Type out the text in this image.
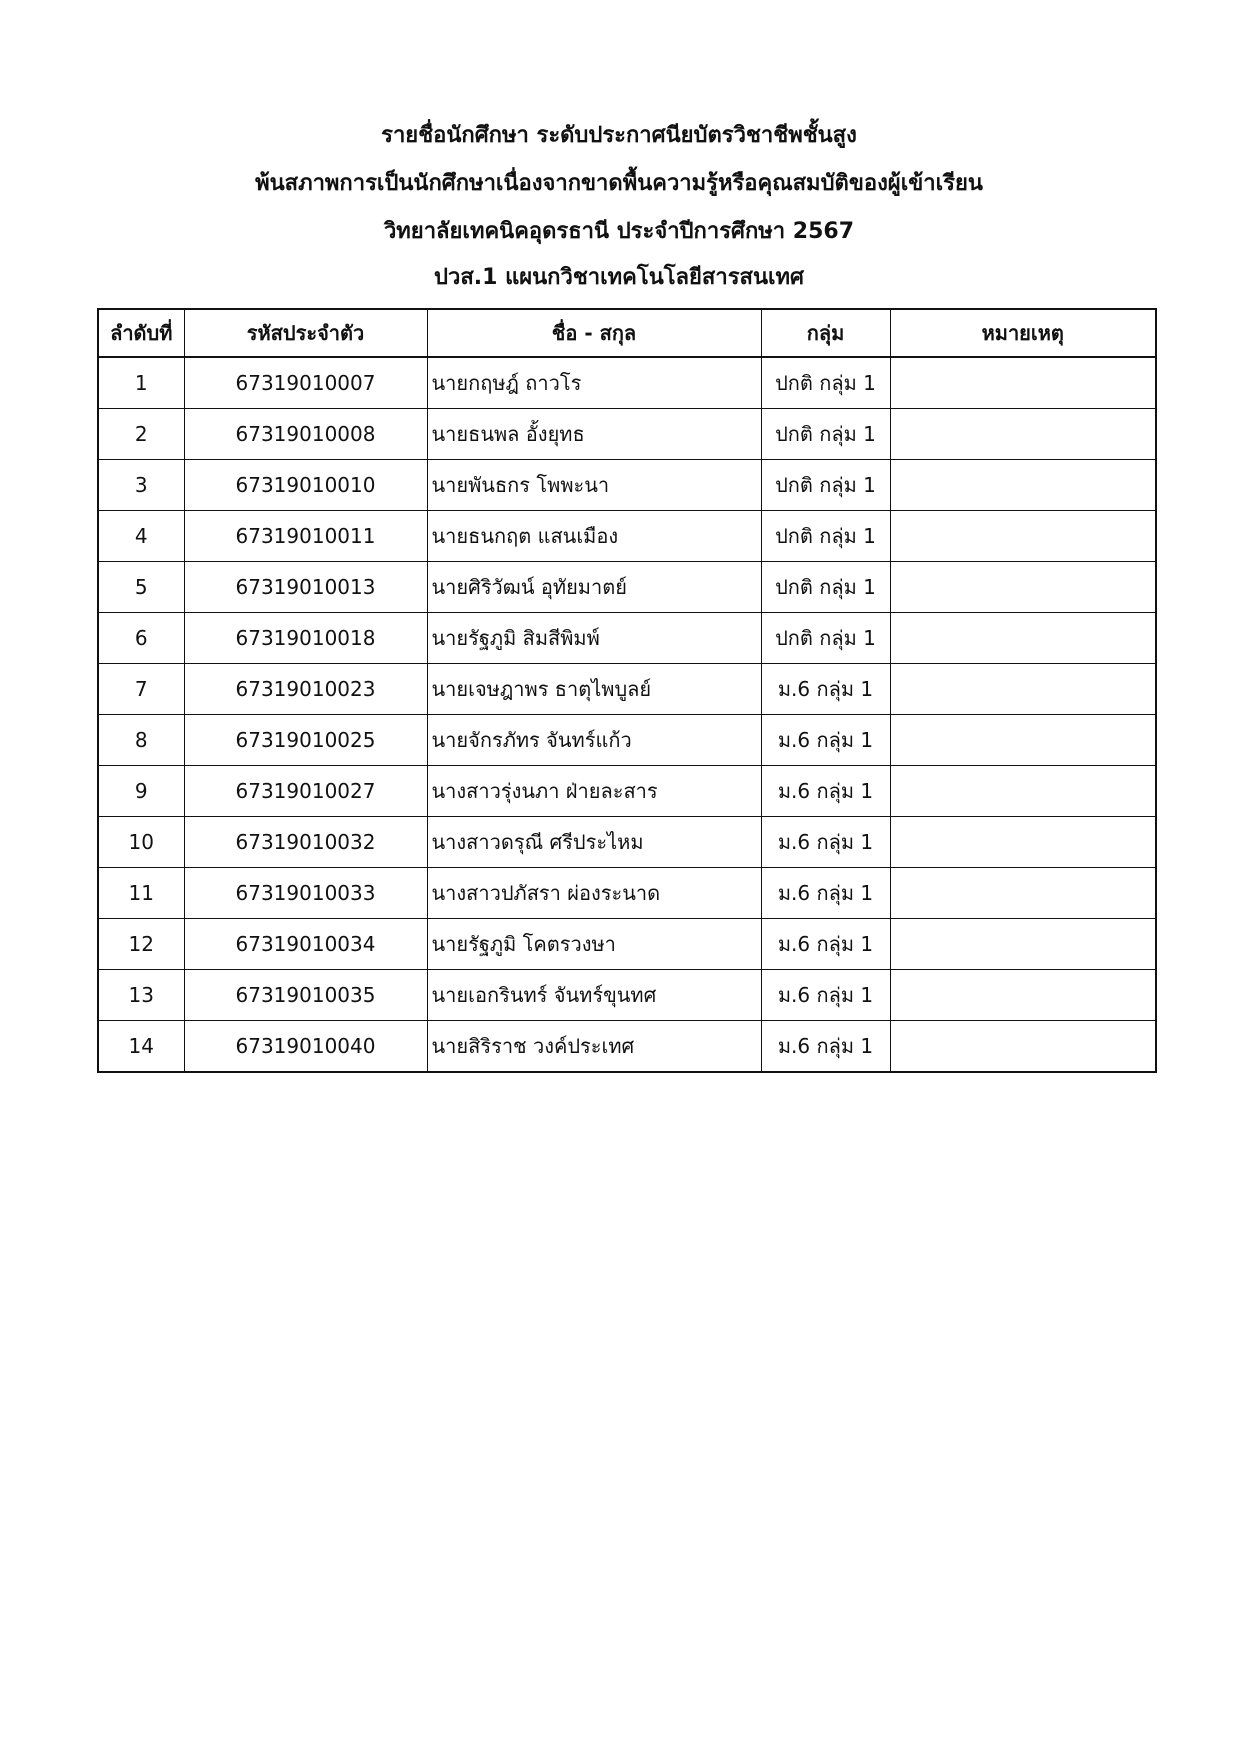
รายชื่อนักศึกษา ระดับประกาศนียบัตรวิชาชีพชั้นสูง
พ้นสภาพการเป็นนักศึกษาเนื่องจากขาดพื้นความรู้หรือคุณสมบัติของผู้เข้าเรียน
วิทยาลัยเทคนิคอุดรธานี ประจำปีการศึกษา 2567
ปวส.1 แผนกวิชาเทคโนโลยีสารสนเทศ
ลำดับที่	รหัสประจำตัว	ชื่อ - สกุล	กลุ่ม	หมายเหตุ
1	67319010007	นายกฤษฎ์ ถาวโร	ปกติ กลุ่ม 1	
2	67319010008	นายธนพล อั้งยุทธ	ปกติ กลุ่ม 1	
3	67319010010	นายพันธกร โพพะนา	ปกติ กลุ่ม 1	
4	67319010011	นายธนกฤต แสนเมือง	ปกติ กลุ่ม 1	
5	67319010013	นายศิริวัฒน์ อุทัยมาตย์	ปกติ กลุ่ม 1	
6	67319010018	นายรัฐภูมิ สิมสีพิมพ์	ปกติ กลุ่ม 1	
7	67319010023	นายเจษฎาพร ธาตุไพบูลย์	ม.6 กลุ่ม 1	
8	67319010025	นายจักรภัทร จันทร์แก้ว	ม.6 กลุ่ม 1	
9	67319010027	นางสาวรุ่งนภา ฝ่ายละสาร	ม.6 กลุ่ม 1	
10	67319010032	นางสาวดรุณี ศรีประไหม	ม.6 กลุ่ม 1	
11	67319010033	นางสาวปภัสรา ผ่องระนาด	ม.6 กลุ่ม 1	
12	67319010034	นายรัฐภูมิ โคตรวงษา	ม.6 กลุ่ม 1	
13	67319010035	นายเอกรินทร์ จันทร์ขุนทศ	ม.6 กลุ่ม 1	
14	67319010040	นายสิริราช วงค์ประเทศ	ม.6 กลุ่ม 1	
